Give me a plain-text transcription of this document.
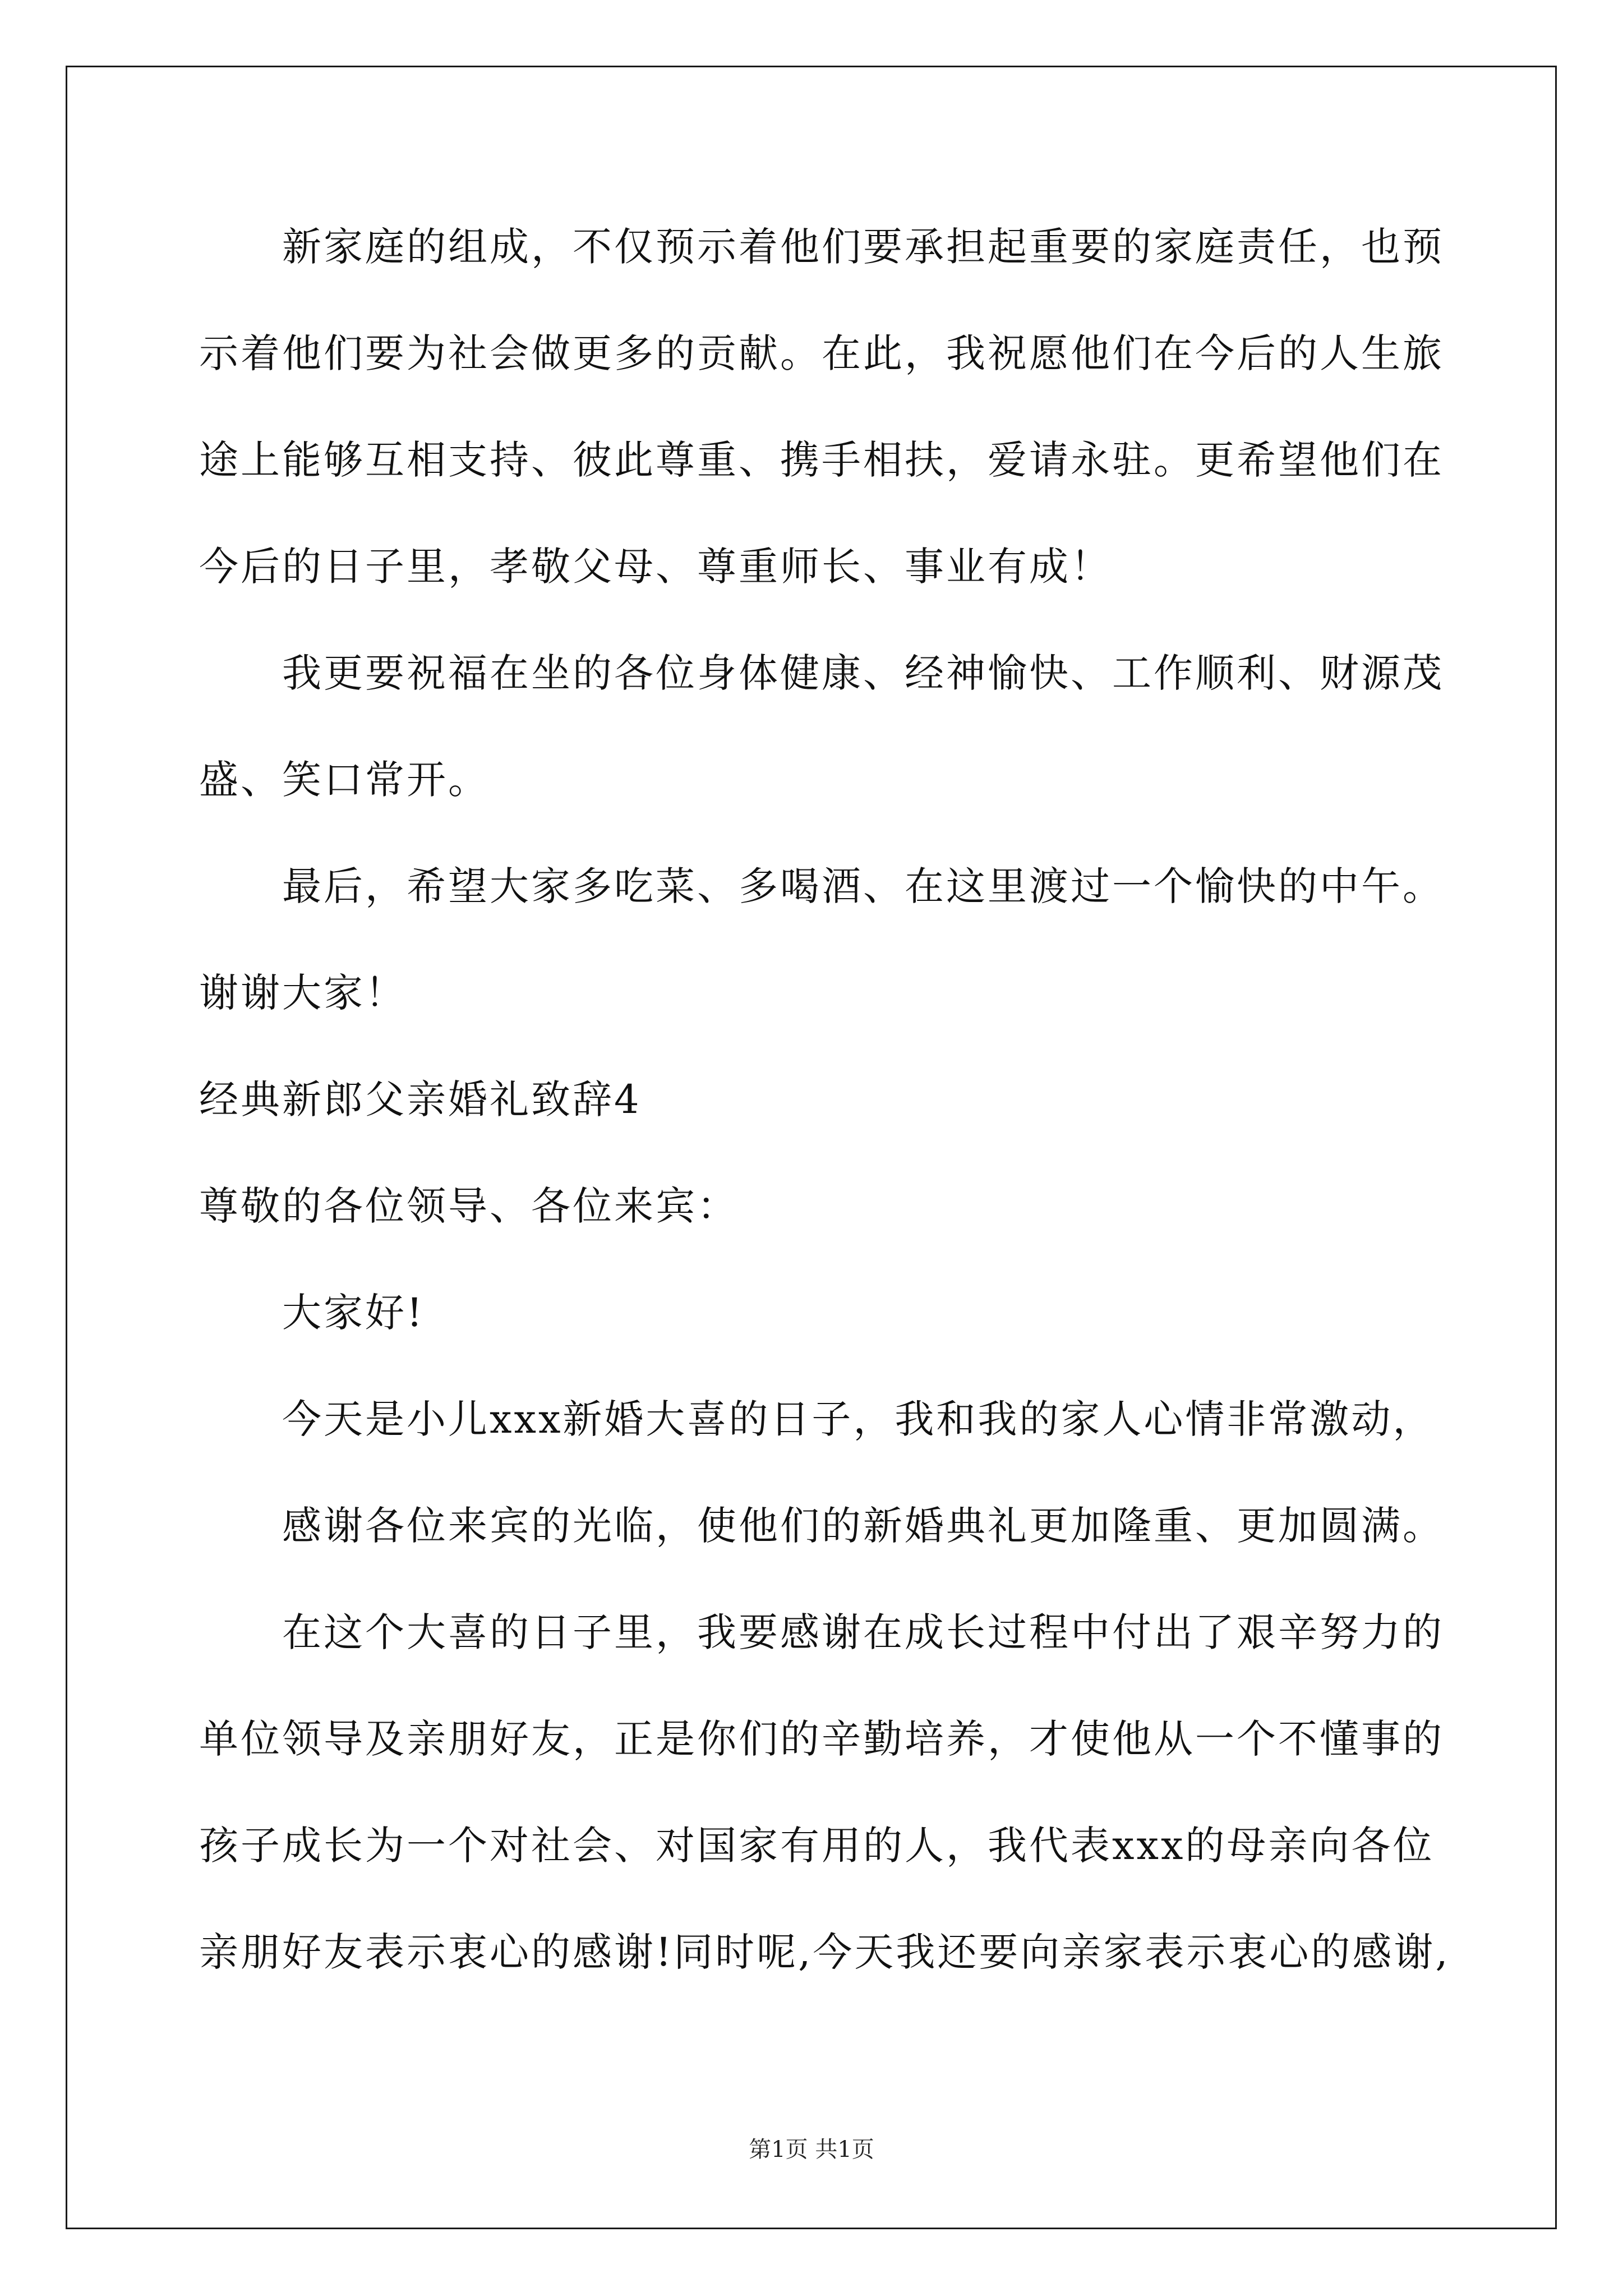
新家庭的组成，不仅预示着他们要承担起重要的家庭责任，也预
示着他们要为社会做更多的贡献。在此，我祝愿他们在今后的人生旅
途上能够互相支持、彼此尊重、携手相扶，爱请永驻。更希望他们在
今后的日子里，孝敬父母、尊重师长、事业有成！
我更要祝福在坐的各位身体健康、经神愉快、工作顺利、财源茂
盛、笑口常开。
最后，希望大家多吃菜、多喝酒、在这里渡过一个愉快的中午。
谢谢大家！
经典新郎父亲婚礼致辞4
尊敬的各位领导、各位来宾：
大家好!
今天是小儿xxx新婚大喜的日子，我和我的家人心情非常激动，
感谢各位来宾的光临，使他们的新婚典礼更加隆重、更加圆满。
在这个大喜的日子里，我要感谢在成长过程中付出了艰辛努力的
单位领导及亲朋好友，正是你们的辛勤培养，才使他从一个不懂事的
孩子成长为一个对社会、对国家有用的人，我代表xxx的母亲向各位
亲朋好友表示衷心的感谢!同时呢,今天我还要向亲家表示衷心的感谢,
第1页 共1页
